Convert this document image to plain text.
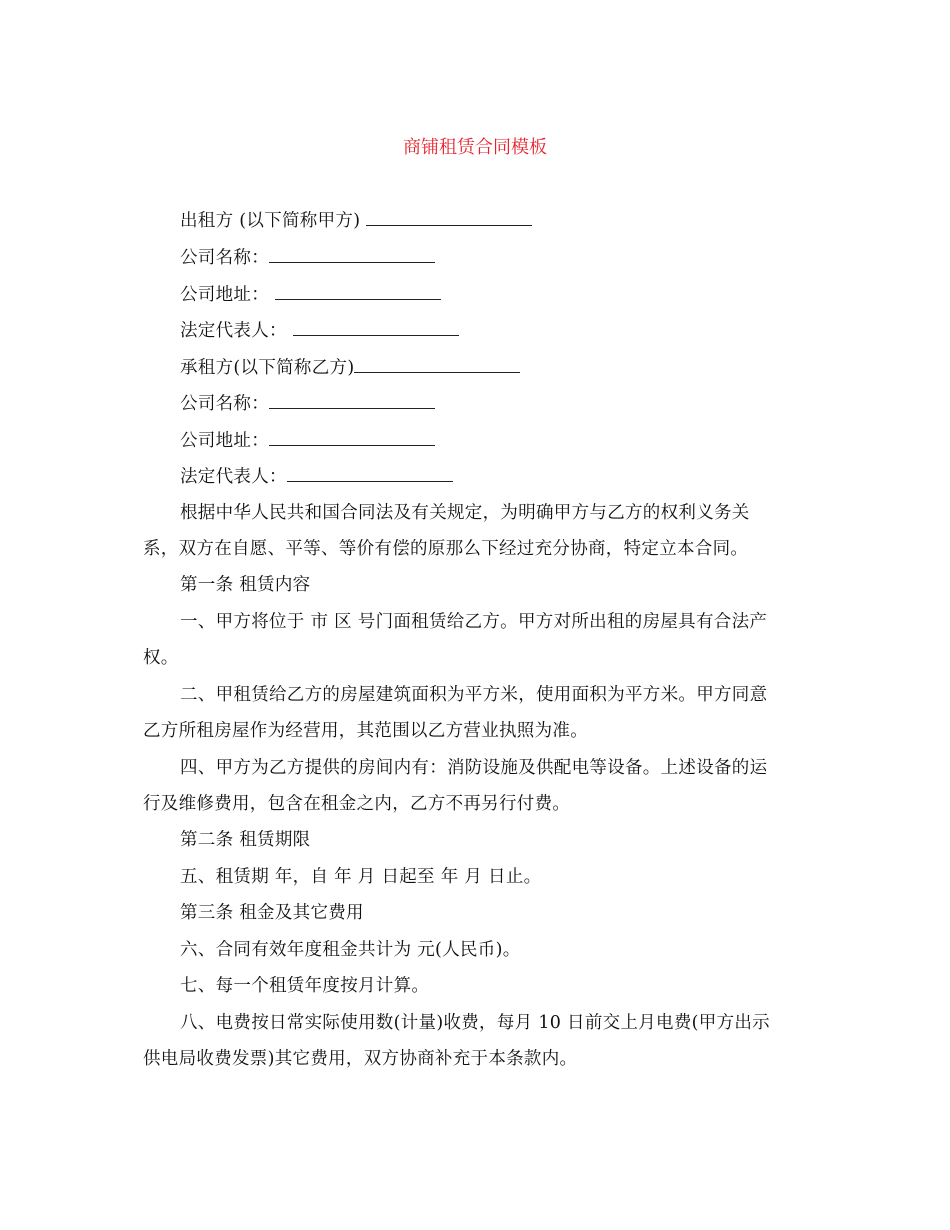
商铺租赁合同模板
出租方 (以下简称甲方)
公司名称：
公司地址：
法定代表人：
承租方(以下简称乙方)
公司名称：
公司地址：
法定代表人：
根据中华人民共和国合同法及有关规定，为明确甲方与乙方的权利义务关
系，双方在自愿、平等、等价有偿的原那么下经过充分协商，特定立本合同。
第一条 租赁内容
一、甲方将位于 市 区 号门面租赁给乙方。甲方对所出租的房屋具有合法产
权。
二、甲租赁给乙方的房屋建筑面积为平方米，使用面积为平方米。甲方同意
乙方所租房屋作为经营用，其范围以乙方营业执照为准。
四、甲方为乙方提供的房间内有：消防设施及供配电等设备。上述设备的运
行及维修费用，包含在租金之内，乙方不再另行付费。
第二条 租赁期限
五、租赁期 年，自 年 月 日起至 年 月 日止。
第三条 租金及其它费用
六、合同有效年度租金共计为 元(人民币)。
七、每一个租赁年度按月计算。
八、电费按日常实际使用数(计量)收费，每月 10 日前交上月电费(甲方出示
供电局收费发票)其它费用，双方协商补充于本条款内。
